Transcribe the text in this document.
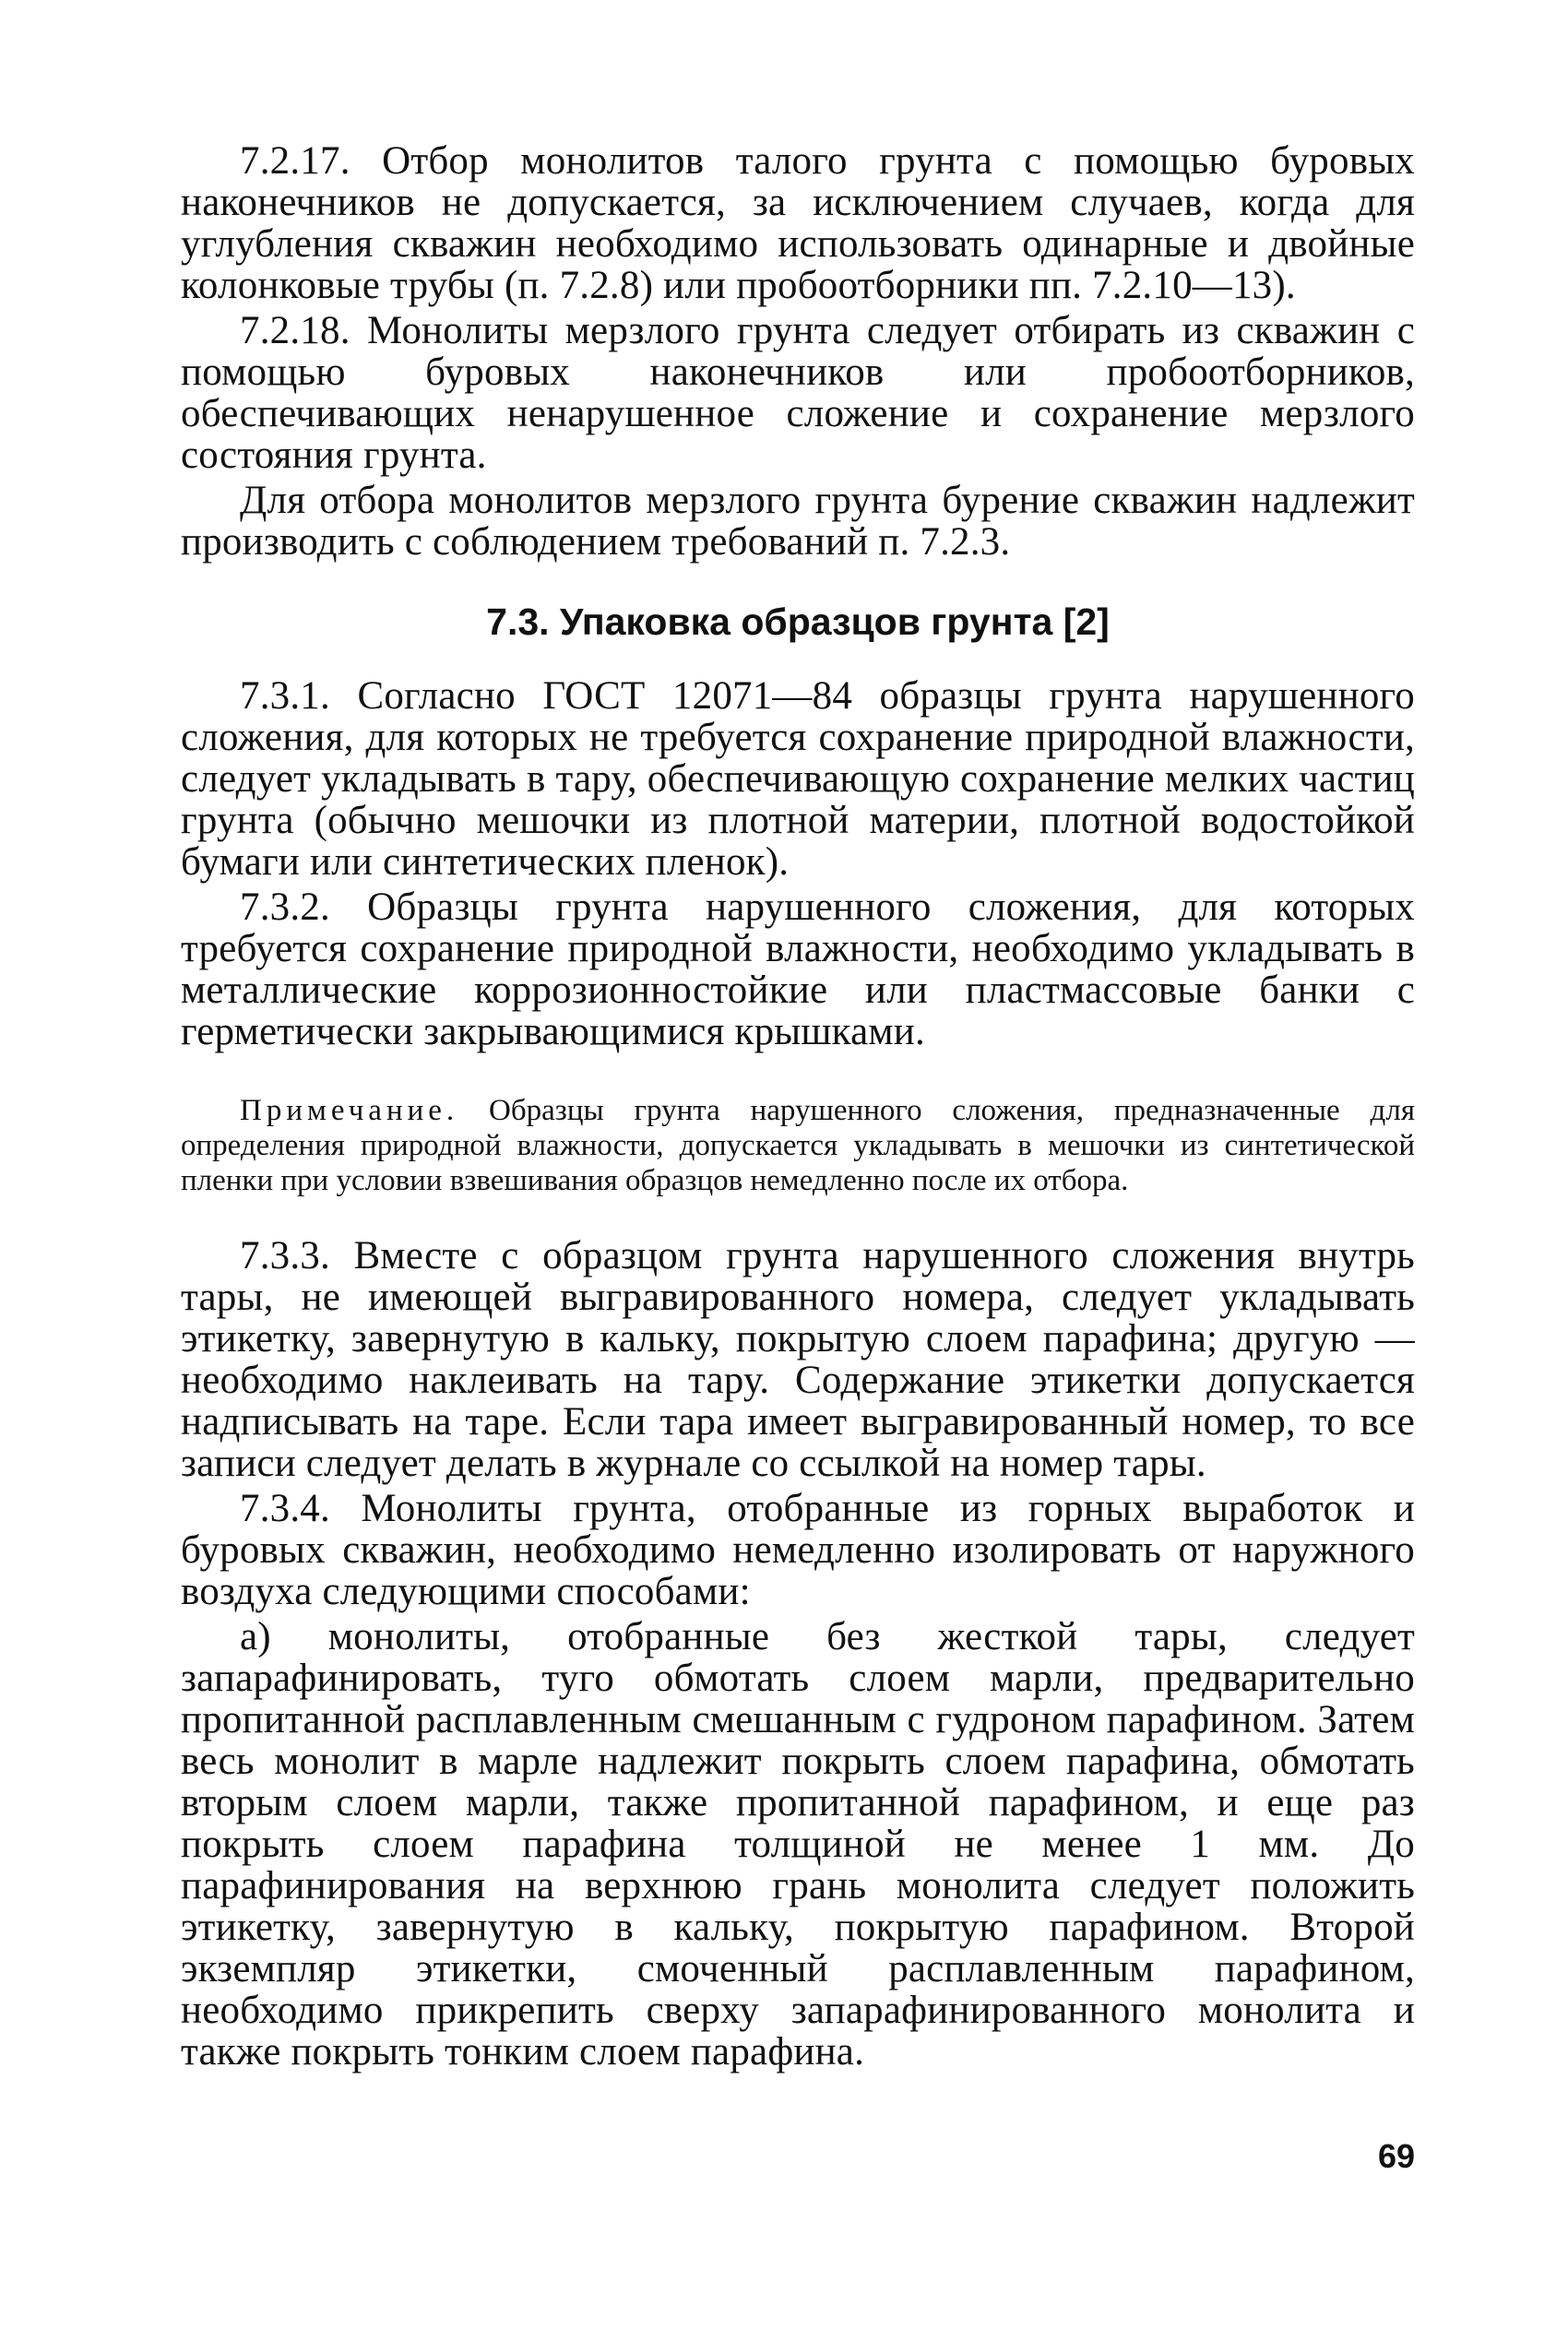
7.2.17. Отбор монолитов талого грунта с помощью буровых наконечников не допускается, за исключением случаев, когда для углубления скважин необходимо использовать одинарные и двойные колонковые трубы (п. 7.2.8) или пробоотборники пп. 7.2.10—13).

7.2.18. Монолиты мерзлого грунта следует отбирать из скважин с помощью буровых наконечников или пробоотборников, обеспечивающих ненарушенное сложение и сохранение мерзлого состояния грунта.

Для отбора монолитов мерзлого грунта бурение скважин надлежит производить с соблюдением требований п. 7.2.3.

7.3. Упаковка образцов грунта [2]

7.3.1. Согласно ГОСТ 12071—84 образцы грунта нарушенного сложения, для которых не требуется сохранение природной влажности, следует укладывать в тару, обеспечивающую сохранение мелких частиц грунта (обычно мешочки из плотной материи, плотной водостойкой бумаги или синтетических пленок).

7.3.2. Образцы грунта нарушенного сложения, для которых требуется сохранение природной влажности, необходимо укладывать в металлические коррозионностойкие или пластмассовые банки с герметически закрывающимися крышками.

Примечание. Образцы грунта нарушенного сложения, предназначенные для определения природной влажности, допускается укладывать в мешочки из синтетической пленки при условии взвешивания образцов немедленно после их отбора.

7.3.3. Вместе с образцом грунта нарушенного сложения внутрь тары, не имеющей выгравированного номера, следует укладывать этикетку, завернутую в кальку, покрытую слоем парафина; другую — необходимо наклеивать на тару. Содержание этикетки допускается надписывать на таре. Если тара имеет выгравированный номер, то все записи следует делать в журнале со ссылкой на номер тары.

7.3.4. Монолиты грунта, отобранные из горных выработок и буровых скважин, необходимо немедленно изолировать от наружного воздуха следующими способами:

а) монолиты, отобранные без жесткой тары, следует запарафинировать, туго обмотать слоем марли, предварительно пропитанной расплавленным смешанным с гудроном парафином. Затем весь монолит в марле надлежит покрыть слоем парафина, обмотать вторым слоем марли, также пропитанной парафином, и еще раз покрыть слоем парафина толщиной не менее 1 мм. До парафинирования на верхнюю грань монолита следует положить этикетку, завернутую в кальку, покрытую парафином. Второй экземпляр этикетки, смоченный расплавленным парафином, необходимо прикрепить сверху запарафинированного монолита и также покрыть тонким слоем парафина.

69
